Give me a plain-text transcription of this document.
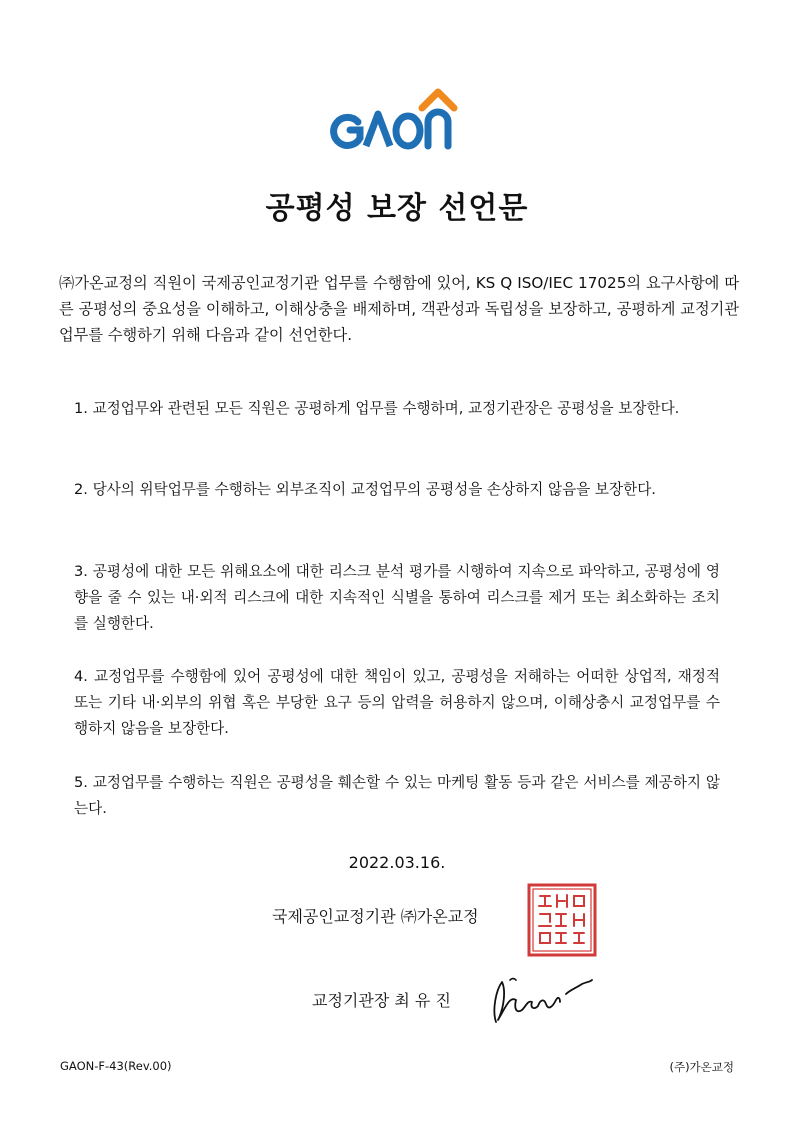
공평성 보장 선언문

㈜가온교정의 직원이 국제공인교정기관 업무를 수행함에 있어, KS Q ISO/IEC 17025의 요구사항에 따른 공평성의 중요성을 이해하고, 이해상충을 배제하며, 객관성과 독립성을 보장하고, 공평하게 교정기관 업무를 수행하기 위해 다음과 같이 선언한다.

1. 교정업무와 관련된 모든 직원은 공평하게 업무를 수행하며, 교정기관장은 공평성을 보장한다.
2. 당사의 위탁업무를 수행하는 외부조직이 교정업무의 공평성을 손상하지 않음을 보장한다.
3. 공평성에 대한 모든 위해요소에 대한 리스크 분석 평가를 시행하여 지속으로 파악하고, 공평성에 영향을 줄 수 있는 내·외적 리스크에 대한 지속적인 식별을 통하여 리스크를 제거 또는 최소화하는 조치를 실행한다.
4. 교정업무를 수행함에 있어 공평성에 대한 책임이 있고, 공평성을 저해하는 어떠한 상업적, 재정적 또는 기타 내·외부의 위협 혹은 부당한 요구 등의 압력을 허용하지 않으며, 이해상충시 교정업무를 수행하지 않음을 보장한다.
5. 교정업무를 수행하는 직원은 공평성을 훼손할 수 있는 마케팅 활동 등과 같은 서비스를 제공하지 않는다.

2022.03.16.

국제공인교정기관 ㈜가온교정

교정기관장 최 유 진

GAON-F-43(Rev.00)	(주)가온교정
